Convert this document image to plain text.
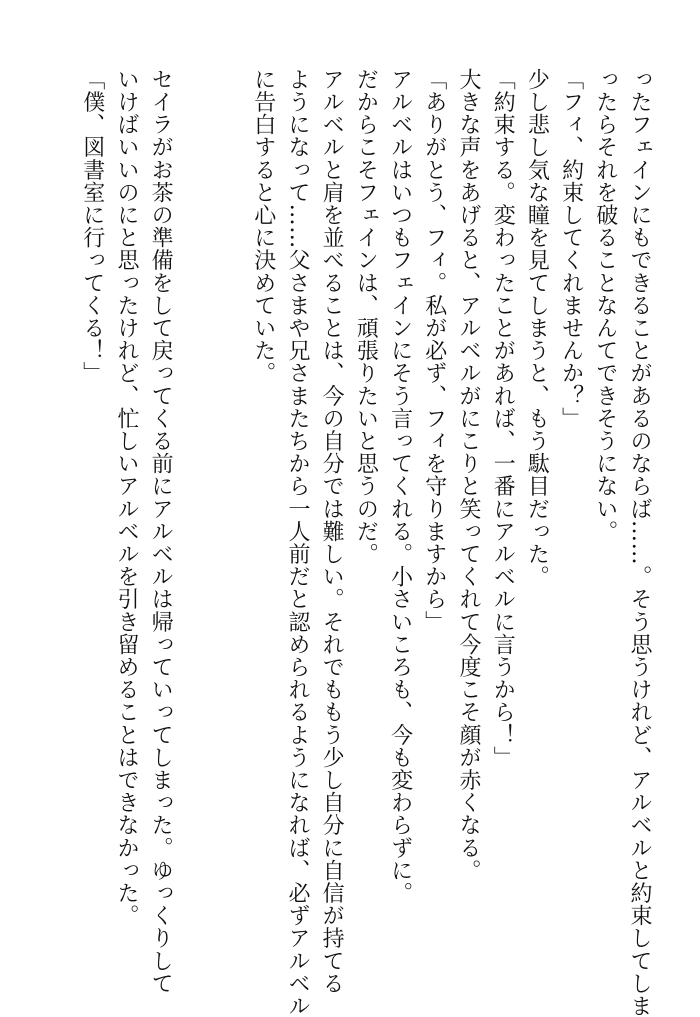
ったフェインにもできることがあるのならば……。そう思うけれど、アルベルと約束してしま
ったらそれを破ることなんてできそうにない。
「フィ、約束してくれませんか？」
少し悲し気な瞳を見てしまうと、もう駄目だった。
「約束する。変わったことがあれば、一番にアルベルに言うから！」
大きな声をあげると、アルベルがにこりと笑ってくれて今度こそ顔が赤くなる。
「ありがとう、フィ。私が必ず、フィを守りますから」
アルベルはいつもフェインにそう言ってくれる。小さいころも、今も変わらずに。
だからこそフェインは、頑張りたいと思うのだ。
アルベルと肩を並べることは、今の自分では難しい。それでももう少し自分に自信が持てる
ようになって……父さまや兄さまたちから一人前だと認められるようになれば、必ずアルベル
に告白すると心に決めていた。
セイラがお茶の準備をして戻ってくる前にアルベルは帰っていってしまった。ゆっくりして
いけばいいのにと思ったけれど、忙しいアルベルを引き留めることはできなかった。
「僕、図書室に行ってくる！」
